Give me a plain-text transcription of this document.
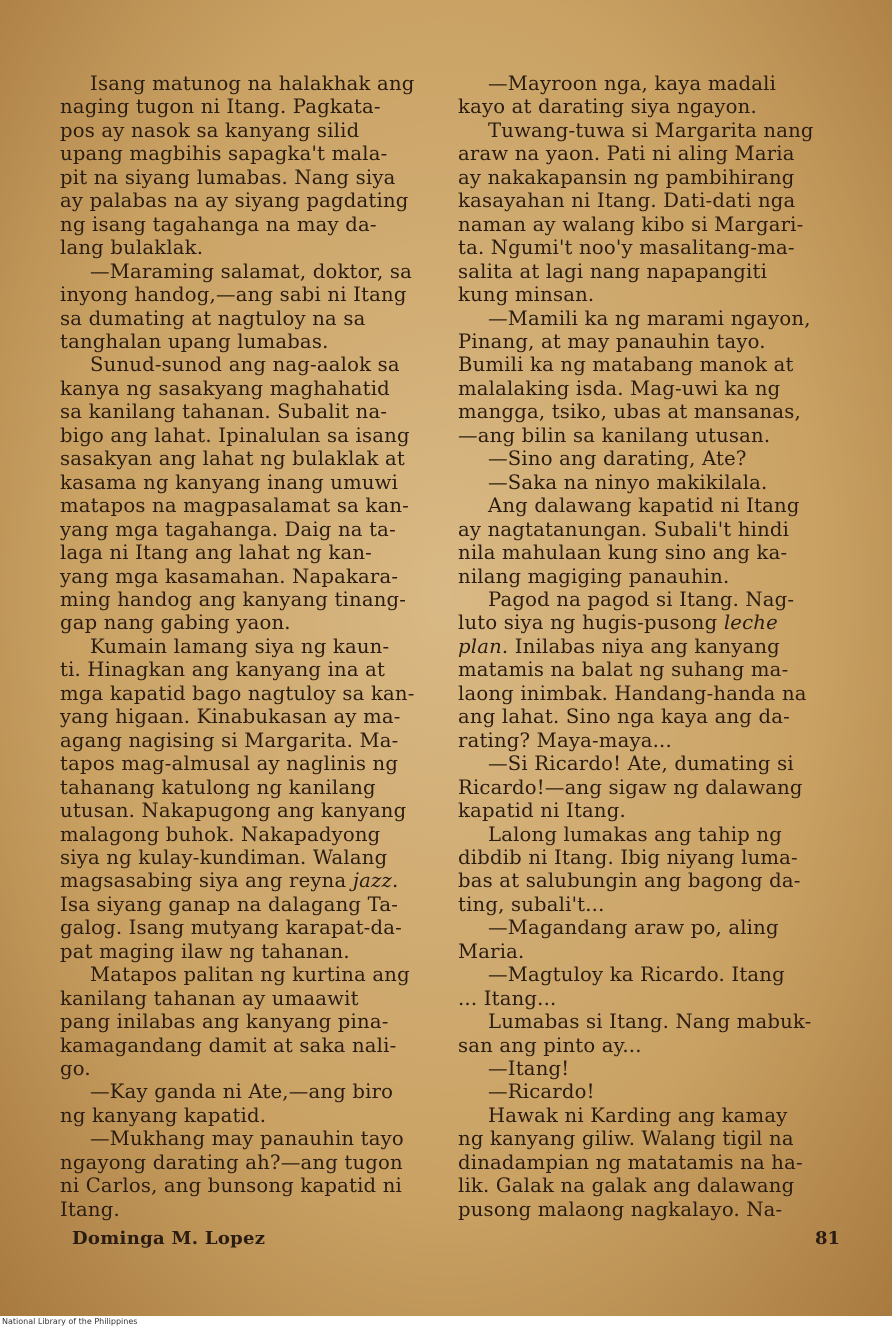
Isang matunog na halakhak ang
naging tugon ni Itang. Pagkata-
pos ay nasok sa kanyang silid
upang magbihis sapagka't mala-
pit na siyang lumabas. Nang siya
ay palabas na ay siyang pagdating
ng isang tagahanga na may da-
lang bulaklak.

—Maraming salamat, doktor, sa
inyong handog,—ang sabi ni Itang
sa dumating at nagtuloy na sa
tanghalan upang lumabas.

Sunud-sunod ang nag-aalok sa
kanya ng sasakyang maghahatid
sa kanilang tahanan. Subalit na-
bigo ang lahat. Ipinalulan sa isang
sasakyan ang lahat ng bulaklak at
kasama ng kanyang inang umuwi
matapos na magpasalamat sa kan-
yang mga tagahanga. Daig na ta-
laga ni Itang ang lahat ng kan-
yang mga kasamahan. Napakara-
ming handog ang kanyang tinang-
gap nang gabing yaon.

Kumain lamang siya ng kaun-
ti. Hinagkan ang kanyang ina at
mga kapatid bago nagtuloy sa kan-
yang higaan. Kinabukasan ay ma-
agang nagising si Margarita. Ma-
tapos mag-almusal ay naglinis ng
tahanang katulong ng kanilang
utusan. Nakapugong ang kanyang
malagong buhok. Nakapadyong
siya ng kulay-kundiman. Walang
magsasabing siya ang reyna jazz.
Isa siyang ganap na dalagang Ta-
galog. Isang mutyang karapat-da-
pat maging ilaw ng tahanan.

Matapos palitan ng kurtina ang
kanilang tahanan ay umaawit
pang inilabas ang kanyang pina-
kamagandang damit at saka nali-
go.

—Kay ganda ni Ate,—ang biro
ng kanyang kapatid.

—Mukhang may panauhin tayo
ngayong darating ah?—ang tugon
ni Carlos, ang bunsong kapatid ni
Itang.

—Mayroon nga, kaya madali
kayo at darating siya ngayon.

Tuwang-tuwa si Margarita nang
araw na yaon. Pati ni aling Maria
ay nakakapansin ng pambihirang
kasayahan ni Itang. Dati-dati nga
naman ay walang kibo si Margari-
ta. Ngumi't noo'y masalitang-ma-
salita at lagi nang napapangiti
kung minsan.

—Mamili ka ng marami ngayon,
Pinang, at may panauhin tayo.
Bumili ka ng matabang manok at
malalaking isda. Mag-uwi ka ng
mangga, tsiko, ubas at mansanas,
—ang bilin sa kanilang utusan.

—Sino ang darating, Ate?

—Saka na ninyo makikilala.

Ang dalawang kapatid ni Itang
ay nagtatanungan. Subali't hindi
nila mahulaan kung sino ang ka-
nilang magiging panauhin.

Pagod na pagod si Itang. Nag-
luto siya ng hugis-pusong leche
plan. Inilabas niya ang kanyang
matamis na balat ng suhang ma-
laong inimbak. Handang-handa na
ang lahat. Sino nga kaya ang da-
rating? Maya-maya...

—Si Ricardo! Ate, dumating si
Ricardo!—ang sigaw ng dalawang
kapatid ni Itang.

Lalong lumakas ang tahip ng
dibdib ni Itang. Ibig niyang luma-
bas at salubungin ang bagong da-
ting, subali't...

—Magandang araw po, aling
Maria.

—Magtuloy ka Ricardo. Itang
... Itang...

Lumabas si Itang. Nang mabuk-
san ang pinto ay...

—Itang!

—Ricardo!

Hawak ni Karding ang kamay
ng kanyang giliw. Walang tigil na
dinadampian ng matatamis na ha-
lik. Galak na galak ang dalawang
pusong malaong nagkalayo. Na-

Dominga M. Lopez	81
National Library of the Philippines
